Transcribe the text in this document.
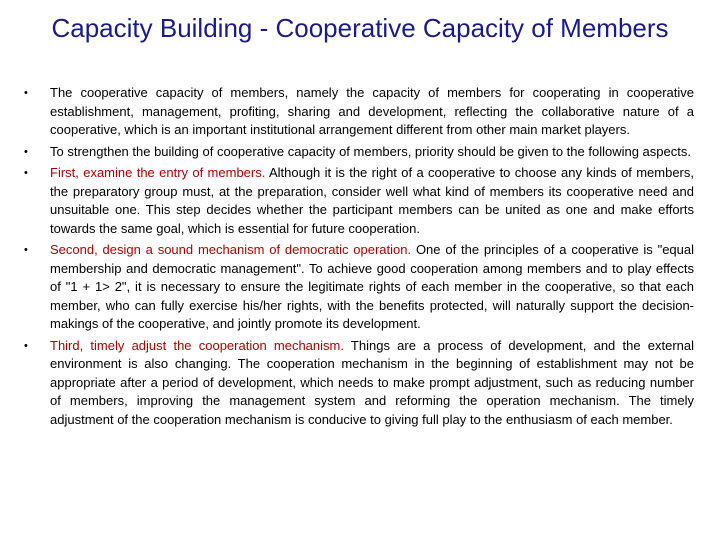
Capacity Building - Cooperative Capacity of Members
• The cooperative capacity of members, namely the capacity of members for cooperating in cooperative establishment, management, profiting, sharing and development, reflecting the collaborative nature of a cooperative, which is an important institutional arrangement different from other main market players.
• To strengthen the building of cooperative capacity of members, priority should be given to the following aspects.
• First, examine the entry of members. Although it is the right of a cooperative to choose any kinds of members, the preparatory group must, at the preparation, consider well what kind of members its cooperative need and unsuitable one. This step decides whether the participant members can be united as one and make efforts towards the same goal, which is essential for future cooperation.
• Second, design a sound mechanism of democratic operation. One of the principles of a cooperative is "equal membership and democratic management". To achieve good cooperation among members and to play effects of "1 + 1> 2", it is necessary to ensure the legitimate rights of each member in the cooperative, so that each member, who can fully exercise his/her rights, with the benefits protected, will naturally support the decision-makings of the cooperative, and jointly promote its development.
• Third, timely adjust the cooperation mechanism. Things are a process of development, and the external environment is also changing. The cooperation mechanism in the beginning of establishment may not be appropriate after a period of development, which needs to make prompt adjustment, such as reducing number of members, improving the management system and reforming the operation mechanism. The timely adjustment of the cooperation mechanism is conducive to giving full play to the enthusiasm of each member.
